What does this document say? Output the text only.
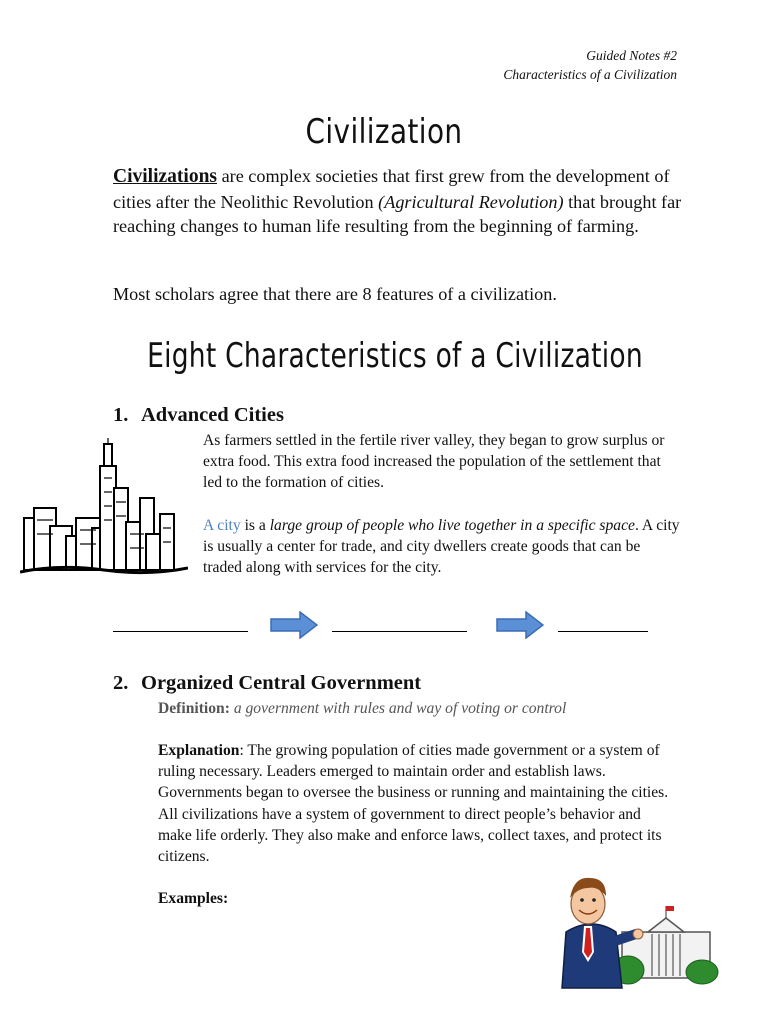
Guided Notes #2
Characteristics of a Civilization
Civilization
Civilizations are complex societies that first grew from the development of cities after the Neolithic Revolution (Agricultural Revolution) that brought far reaching changes to human life resulting from the beginning of farming.
Most scholars agree that there are 8 features of a civilization.
Eight Characteristics of a Civilization
1. Advanced Cities
As farmers settled in the fertile river valley, they began to grow surplus or extra food. This extra food increased the population of the settlement that led to the formation of cities.
A city is a large group of people who live together in a specific space. A city is usually a center for trade, and city dwellers create goods that can be traded along with services for the city.
2. Organized Central Government
Definition: a government with rules and way of voting or control
Explanation: The growing population of cities made government or a system of ruling necessary. Leaders emerged to maintain order and establish laws. Governments began to oversee the business or running and maintaining the cities. All civilizations have a system of government to direct people’s behavior and make life orderly. They also make and enforce laws, collect taxes, and protect its citizens.
Examples:
